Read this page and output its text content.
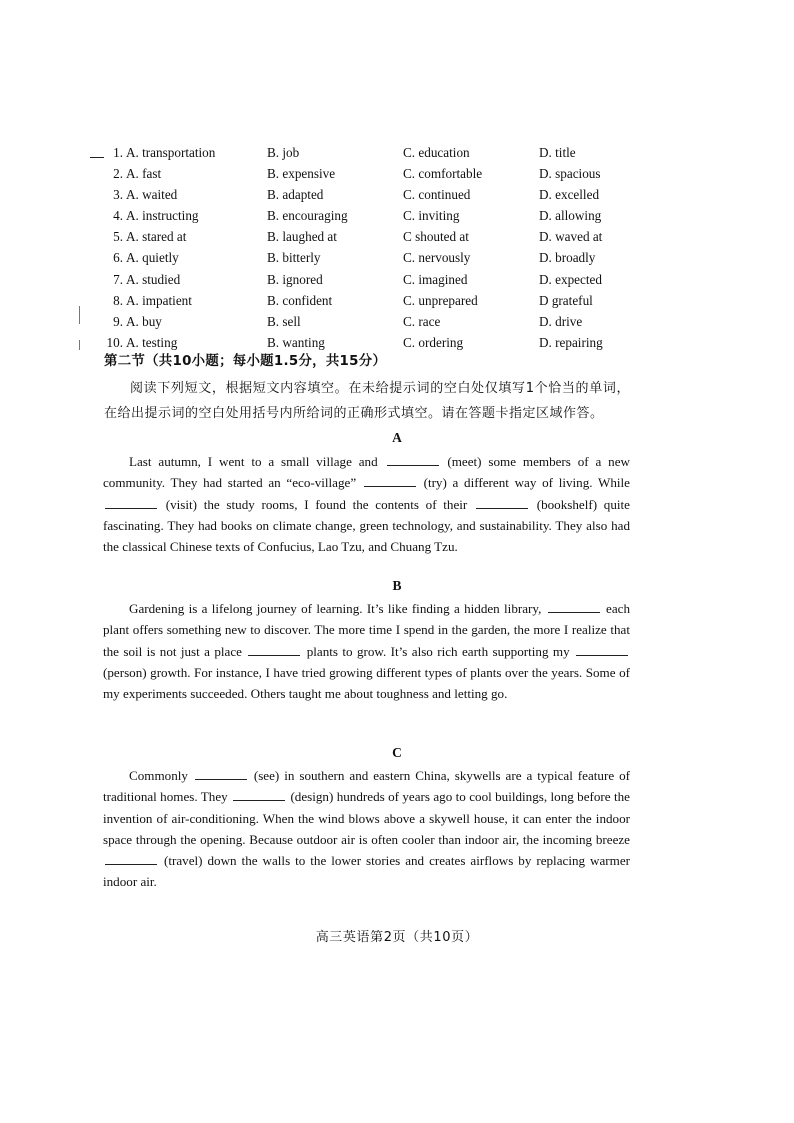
1. A. transportation	B. job	C. education	D. title
2. A. fast	B. expensive	C. comfortable	D. spacious
3. A. waited	B. adapted	C. continued	D. excelled
4. A. instructing	B. encouraging	C. inviting	D. allowing
5. A. stared at	B. laughed at	C shouted at	D. waved at
6. A. quietly	B. bitterly	C. nervously	D. broadly
7. A. studied	B. ignored	C. imagined	D. expected
8. A. impatient	B. confident	C. unprepared	D grateful
9. A. buy	B. sell	C. race	D. drive
10. A. testing	B. wanting	C. ordering	D. repairing
第二节（共10小题；每小题1.5分，共15分）
阅读下列短文，根据短文内容填空。在未给提示词的空白处仅填写1个恰当的单词，在给出提示词的空白处用括号内所给词的正确形式填空。请在答题卡指定区域作答。
A
Last autumn, I went to a small village and	(meet) some members of a new community. They had started an “eco-village”	(try) a different way of living. While  (visit) the study rooms, I found the contents of their	(bookshelf) quite fascinating. They had books on climate change, green technology, and sustainability. They also had the classical Chinese texts of Confucius, Lao Tzu, and Chuang Tzu.
B
Gardening is a lifelong journey of learning. It’s like finding a hidden library,	each plant offers something new to discover. The more time I spend in the garden, the more I realize that the soil is not just a place	plants to grow. It’s also rich earth supporting my  (person) growth. For instance, I have tried growing different types of plants over the years. Some of my experiments succeeded. Others taught me about toughness and letting go.
C
Commonly	(see) in southern and eastern China, skywells are a typical feature of traditional homes. They	(design) hundreds of years ago to cool buildings, long before the invention of air-conditioning. When the wind blows above a skywell house, it can enter the indoor space through the opening. Because outdoor air is often cooler than indoor air, the incoming breeze  (travel) down the walls to the lower stories and creates airflows by replacing warmer indoor air.
高三英语第2页（共10页）
